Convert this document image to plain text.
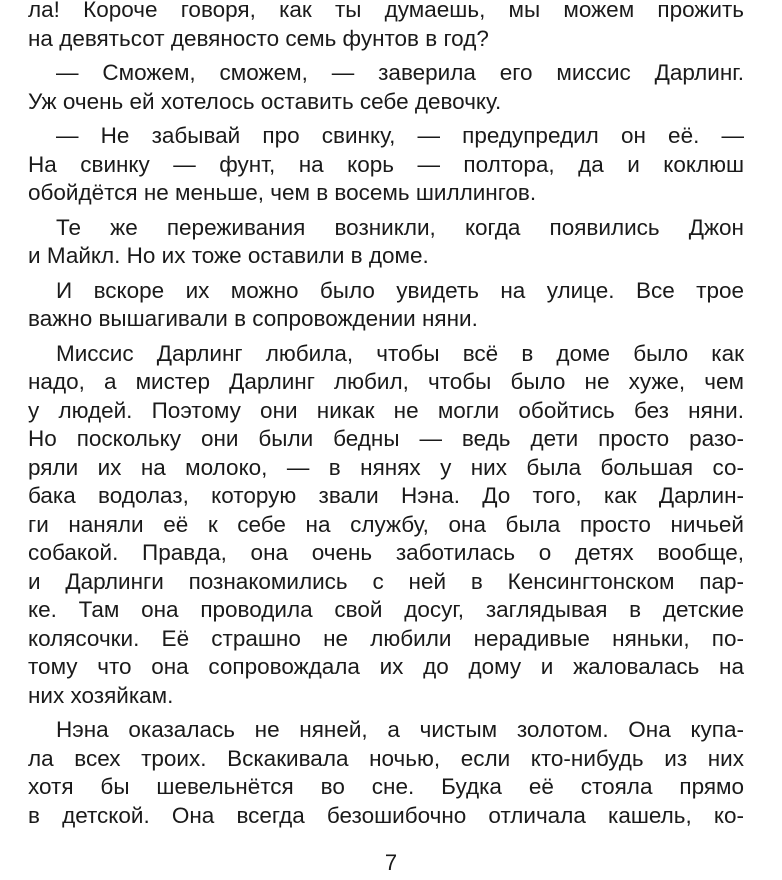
ла! Короче говоря, как ты думаешь, мы можем прожить
на девятьсот девяносто семь фунтов в год?

— Сможем, сможем, — заверила его миссис Дарлинг.
Уж очень ей хотелось оставить себе девочку.

— Не забывай про свинку, — предупредил он её. —
На свинку — фунт, на корь — полтора, да и коклюш
обойдётся не меньше, чем в восемь шиллингов.

Те же переживания возникли, когда появились Джон
и Майкл. Но их тоже оставили в доме.

И вскоре их можно было увидеть на улице. Все трое
важно вышагивали в сопровождении няни.

Миссис Дарлинг любила, чтобы всё в доме было как
надо, а мистер Дарлинг любил, чтобы было не хуже, чем
у людей. Поэтому они никак не могли обойтись без няни.
Но поскольку они были бедны — ведь дети просто разо-
ряли их на молоко, — в нянях у них была большая со-
бака водолаз, которую звали Нэна. До того, как Дарлин-
ги наняли её к себе на службу, она была просто ничьей
собакой. Правда, она очень заботилась о детях вообще,
и Дарлинги познакомились с ней в Кенсингтонском пар-
ке. Там она проводила свой досуг, заглядывая в детские
колясочки. Её страшно не любили нерадивые няньки, по-
тому что она сопровождала их до дому и жаловалась на
них хозяйкам.

Нэна оказалась не няней, а чистым золотом. Она купа-
ла всех троих. Вскакивала ночью, если кто-нибудь из них
хотя бы шевельнётся во сне. Будка её стояла прямо
в детской. Она всегда безошибочно отличала кашель, ко-

7
